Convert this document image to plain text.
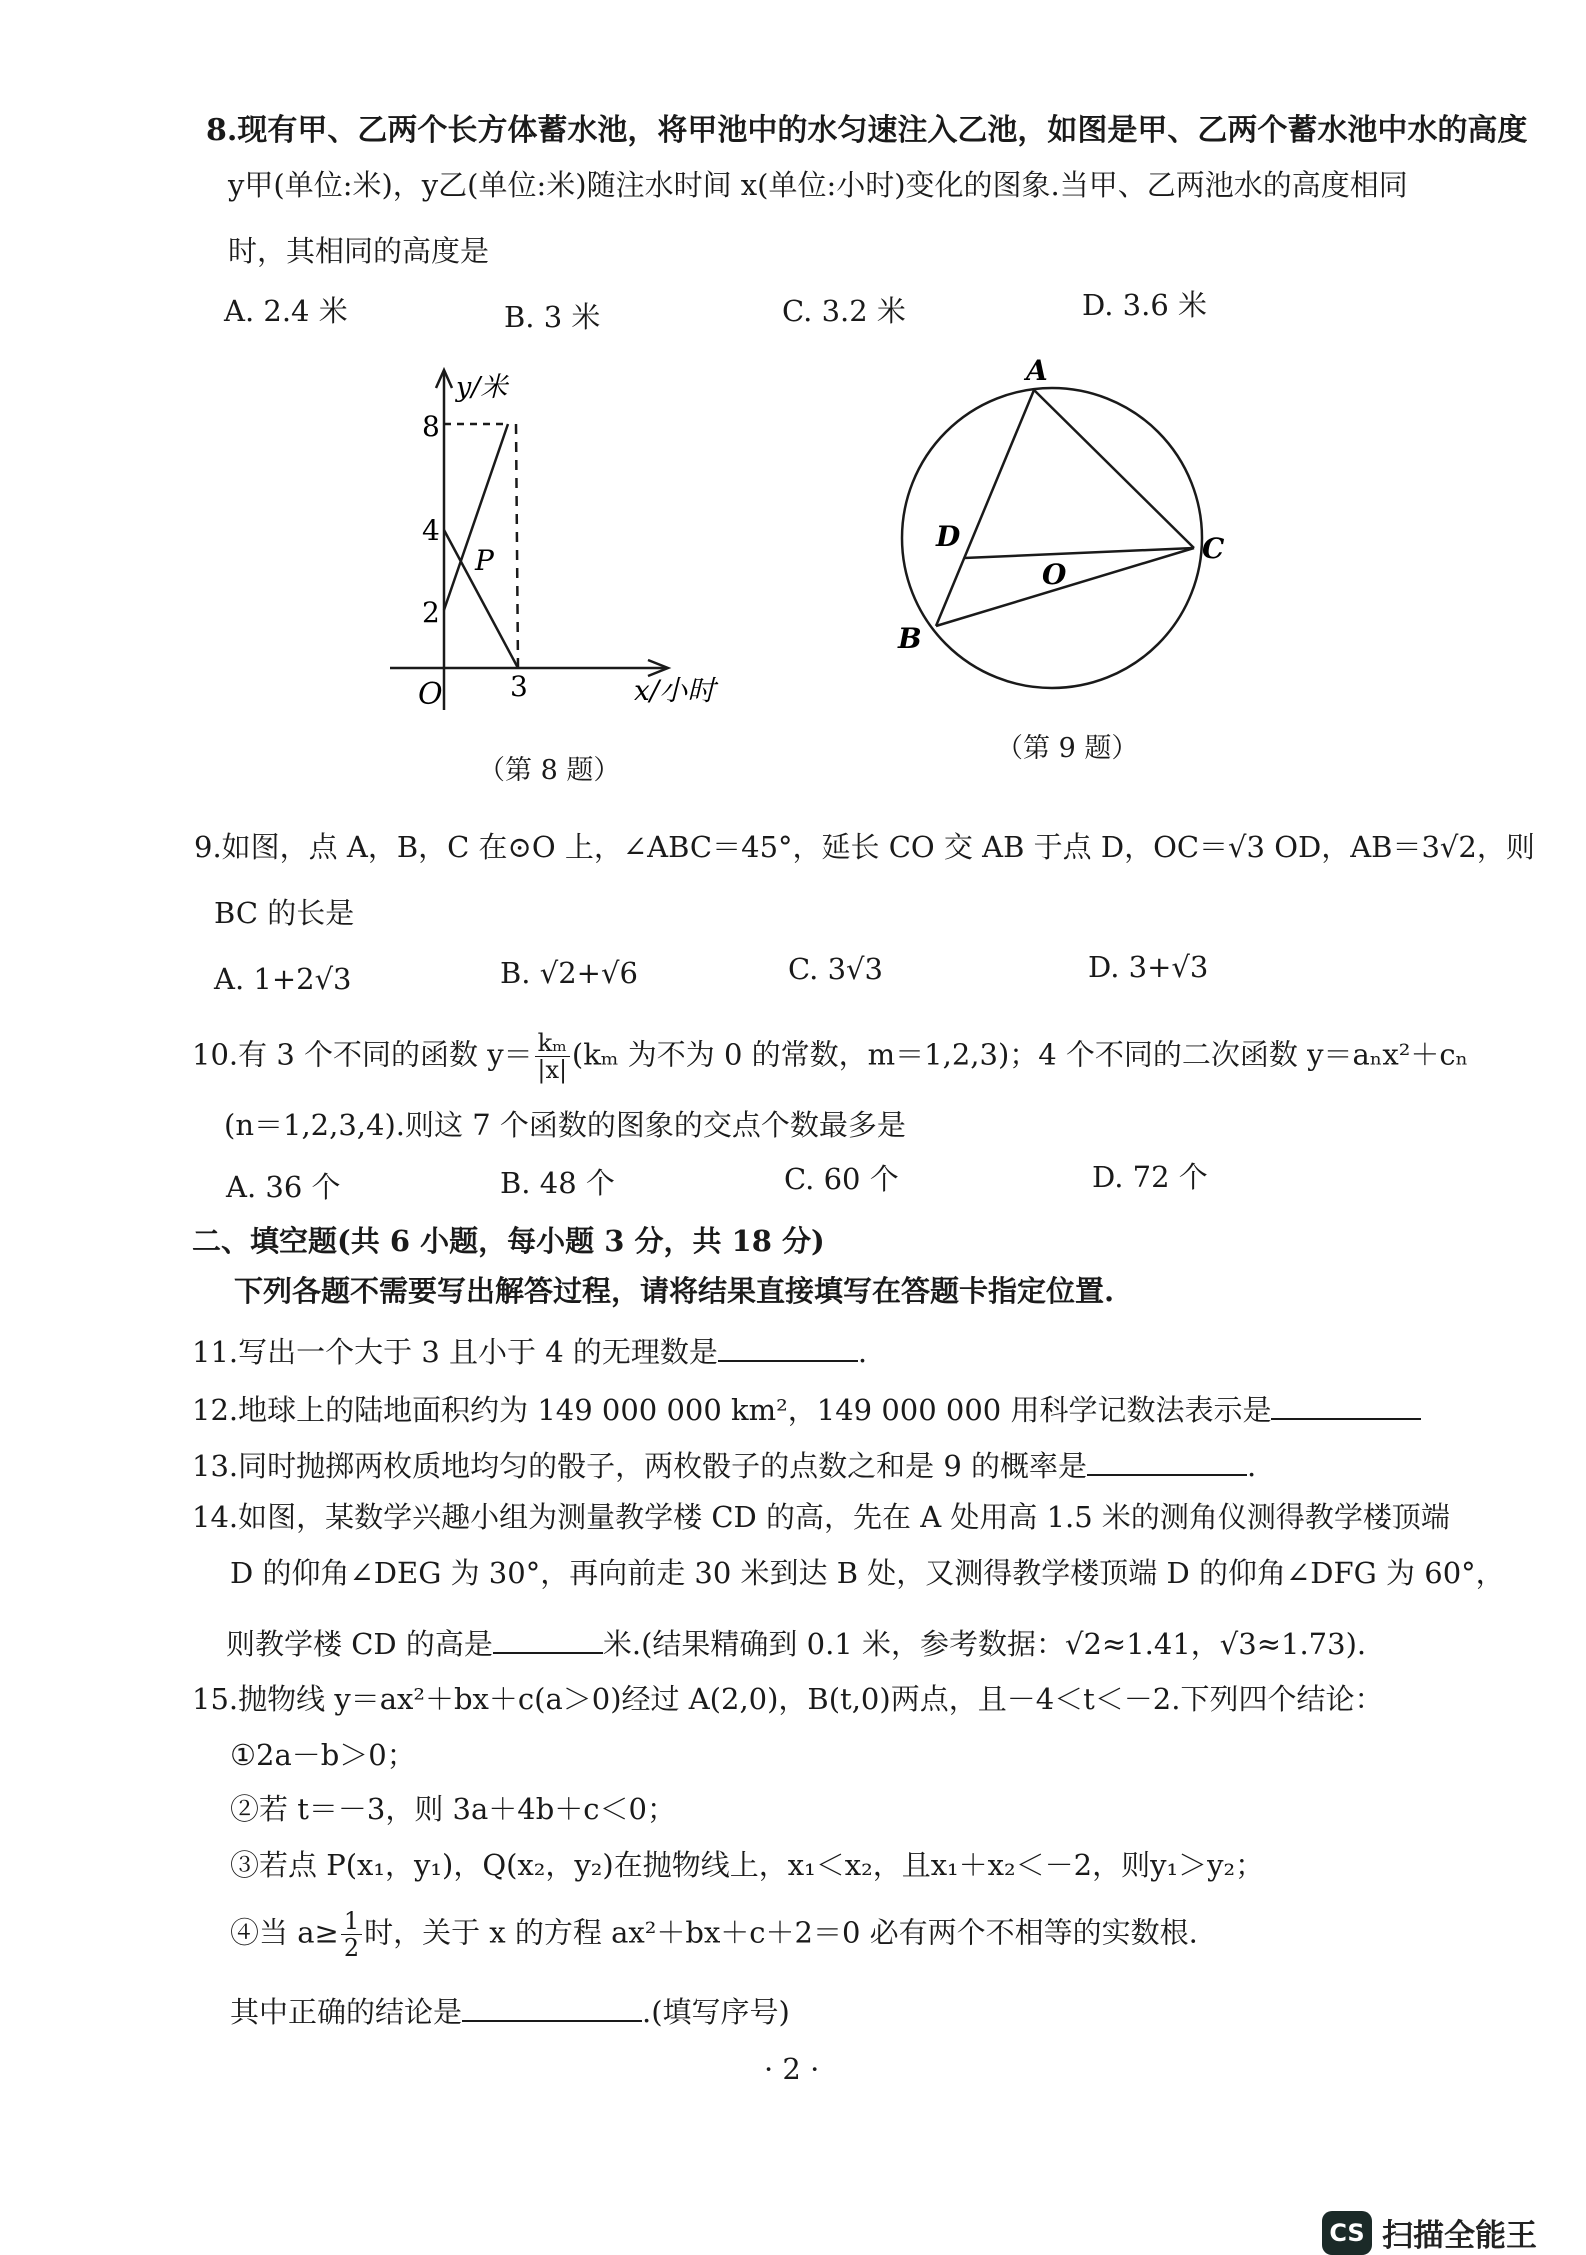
8.现有甲、乙两个长方体蓄水池，将甲池中的水匀速注入乙池，如图是甲、乙两个蓄水池中水的高度
y甲(单位:米)，y乙(单位:米)随注水时间 x(单位:小时)变化的图象.当甲、乙两池水的高度相同
时，其相同的高度是
A. 2.4 米	B. 3 米	C. 3.2 米	D. 3.6 米
y/米
8
4
2
P
O 3	x/小时
（第 8 题）
A
D
O
C
B
（第 9 题）
9.如图，点 A，B，C 在⊙O 上，∠ABC＝45°，延长 CO 交 AB 于点 D，OC＝√3 OD，AB＝3√2，则
BC 的长是
A. 1+2√3	B. √2+√6	C. 3√3	D. 3+√3
10.有 3 个不同的函数 $y= \frac{\text{kₘ}}{|x|} (k_m$ 为不为 0 的常数，m＝1,2,3)；4 个不同的二次函数 y＝aₙx²＋cₙ
(n＝1,2,3,4).则这 7 个函数的图象的交点个数最多是
A. 36 个	B. 48 个	C. 60 个	D. 72 个
二、填空题(共 6 小题，每小题 3 分，共 18 分)
下列各题不需要写出解答过程，请将结果直接填写在答题卡指定位置.
11.写出一个大于 3 且小于 4 的无理数是	.
12.地球上的陆地面积约为 149 000 000 km²，149 000 000 用科学记数法表示是
13.同时抛掷两枚质地均匀的骰子，两枚骰子的点数之和是 9 的概率是	.
14.如图，某数学兴趣小组为测量教学楼 CD 的高，先在 A 处用高 1.5 米的测角仪测得教学楼顶端
D 的仰角∠DEG 为 30°，再向前走 30 米到达 B 处，又测得教学楼顶端 D 的仰角∠DFG 为 60°，
则教学楼 CD 的高是	米.(结果精确到 0.1 米，参考数据：√2≈1.41，√3≈1.73).
15.抛物线 y＝ax²＋bx＋c(a＞0)经过 A(2,0)，B(t,0)两点，且－4＜t＜－2.下列四个结论：
①2a－b＞0；
②若 t＝－3，则 3a＋4b＋c＜0；
③若点 P(x₁，y₁)，Q(x₂，y₂)在抛物线上，x₁＜x₂，且x₁＋x₂＜－2，则y₁＞y₂；
④当 $a\ge \frac{1}{2}$ 时，关于 x 的方程 ax²＋bx＋c＋2＝0 必有两个不相等的实数根.
其中正确的结论是	.(填写序号)
· 2 ·
CS 扫描全能王
